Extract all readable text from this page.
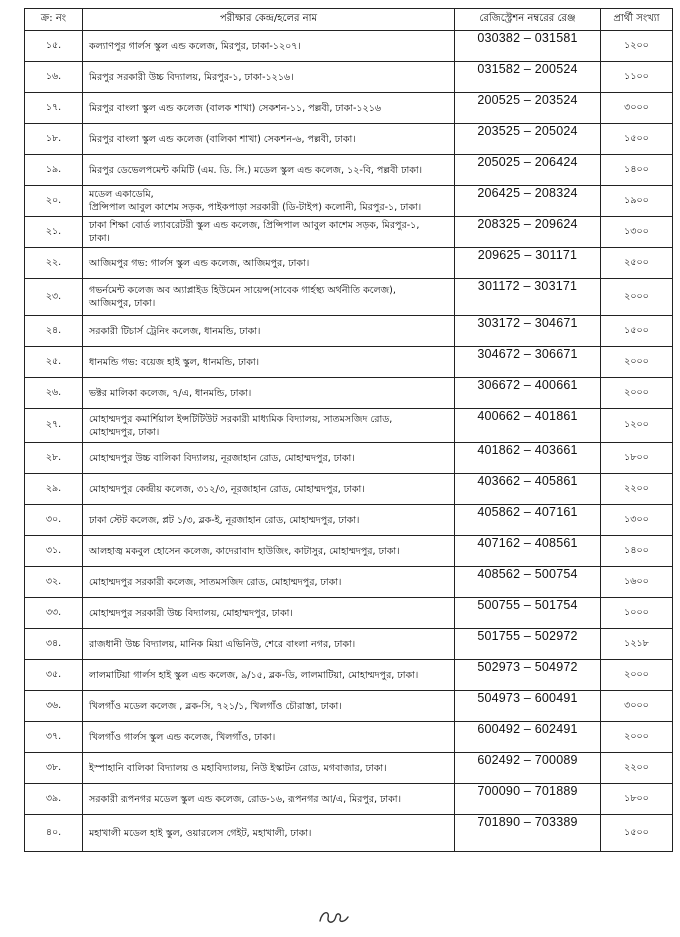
ক্র: নং	পরীক্ষার কেন্দ্র/হলের নাম	রেজিস্ট্রেশন নম্বরের রেঞ্জ	প্রার্থী সংখ্যা
১৫.	কল্যাণপুর গার্লস স্কুল এন্ড কলেজ, মিরপুর, ঢাকা-১২০৭।	030382 – 031581	১২০০
১৬.	মিরপুর সরকারী উচ্চ বিদ্যালয়, মিরপুর-১, ঢাকা-১২১৬।	031582 – 200524	১১০০
১৭.	মিরপুর বাংলা স্কুল এন্ড কলেজ (বালক শাখা) সেকশন-১১, পল্লবী, ঢাকা-১২১৬	200525 – 203524	৩০০০
১৮.	মিরপুর বাংলা স্কুল এন্ড কলেজ (বালিকা শাখা) সেকশন-৬, পল্লবী, ঢাকা।	203525 – 205024	১৫০০
১৯.	মিরপুর ডেভেলপমেন্ট কমিটি (এম. ডি. সি.) মডেল স্কুল এন্ড কলেজ, ১২-বি, পল্লবী ঢাকা।	205025 – 206424	১৪০০
২০.	মডেল একাডেমি,
প্রিন্সিপাল আবুল কাশেম সড়ক, পাইকপাড়া সরকারী (ডি-টাইপ) কলোনী, মিরপুর-১, ঢাকা।	206425 – 208324	১৯০০
২১.	ঢাকা শিক্ষা বোর্ড ল্যাবরেটরী স্কুল এন্ড কলেজ, প্রিন্সিপাল আবুল কাশেম সড়ক, মিরপুর-১,
ঢাকা।	208325 – 209624	১৩০০
২২.	আজিমপুর গভ: গার্লস স্কুল এন্ড কলেজ, আজিমপুর, ঢাকা।	209625 – 301171	২৫০০
২৩.	গভর্নমেন্ট কলেজ অব অ্যাপ্লাইড হিউমেন সায়েন্স(সাবেক গার্হস্থ্য অর্থনীতি কলেজ),
আজিমপুর, ঢাকা।	301172 – 303171	২০০০
২৪.	সরকারী টিচার্স ট্রেনিং কলেজ, ধানমন্ডি, ঢাকা।	303172 – 304671	১৫০০
২৫.	ধানমন্ডি গভ: বয়েজ হাই স্কুল, ধানমন্ডি, ঢাকা।	304672 – 306671	২০০০
২৬.	ভক্টর মালিকা কলেজ, ৭/এ, ধানমন্ডি, ঢাকা।	306672 – 400661	২০০০
২৭.	মোহাম্মদপুর কমার্শিয়াল ইন্সটিটিউট সরকারী মাধ্যমিক বিদ্যালয়, সাতমসজিদ রোড,
মোহাম্মদপুর, ঢাকা।	400662 – 401861	১২০০
২৮.	মোহাম্মদপুর উচ্চ বালিকা বিদ্যালয়, নূরজাহান রোড, মোহাম্মদপুর, ঢাকা।	401862 – 403661	১৮০০
২৯.	মোহাম্মদপুর কেন্দ্রীয় কলেজ, ৩১২/৩, নূরজাহান রোড, মোহাম্মদপুর, ঢাকা।	403662 – 405861	২২০০
৩০.	ঢাকা স্টেট কলেজ, প্লট ১/৩, ব্লক-ই, নূরজাহান রোড, মোহাম্মদপুর, ঢাকা।	405862 – 407161	১৩০০
৩১.	আলহাজ্ব মকবুল হোসেন কলেজ, কাদেরাবাদ হাউজিং, কাটাসুর, মোহাম্মদপুর, ঢাকা।	407162 – 408561	১৪০০
৩২.	মোহাম্মদপুর সরকারী কলেজ, সাতমসজিদ রোড, মোহাম্মদপুর, ঢাকা।	408562 – 500754	১৬০০
৩৩.	মোহাম্মদপুর সরকারী উচ্চ বিদ্যালয়, মোহাম্মদপুর, ঢাকা।	500755 – 501754	১০০০
৩৪.	রাজধানী উচ্চ বিদ্যালয়, মানিক মিয়া এভিনিউ, শেরে বাংলা নগর, ঢাকা।	501755 – 502972	১২১৮
৩৫.	লালমাটিয়া গার্লস হাই স্কুল এন্ড কলেজ, ৯/১৫, ব্লক-ডি, লালমাটিয়া, মোহাম্মদপুর, ঢাকা।	502973 – 504972	২০০০
৩৬.	খিলগাঁও মডেল কলেজ , ব্লক-সি, ৭২১/১, খিলগাঁও চৌরাস্তা, ঢাকা।	504973 – 600491	৩০০০
৩৭.	খিলগাঁও গার্লস স্কুল এন্ড কলেজ, খিলগাঁও, ঢাকা।	600492 – 602491	২০০০
৩৮.	ইস্পাহানি বালিকা বিদ্যালয় ও মহাবিদ্যালয়, নিউ ইস্কাটন রোড, মগবাজার, ঢাকা।	602492 – 700089	২২০০
৩৯.	সরকারী রূপনগর মডেল স্কুল এন্ড কলেজ, রোড-১৬, রূপনগর আ/এ, মিরপুর, ঢাকা।	700090 – 701889	১৮০০
৪০.	মহাখালী মডেল হাই স্কুল, ওয়ারলেস গেইট, মহাখালী, ঢাকা।	701890 – 703389	১৫০০
